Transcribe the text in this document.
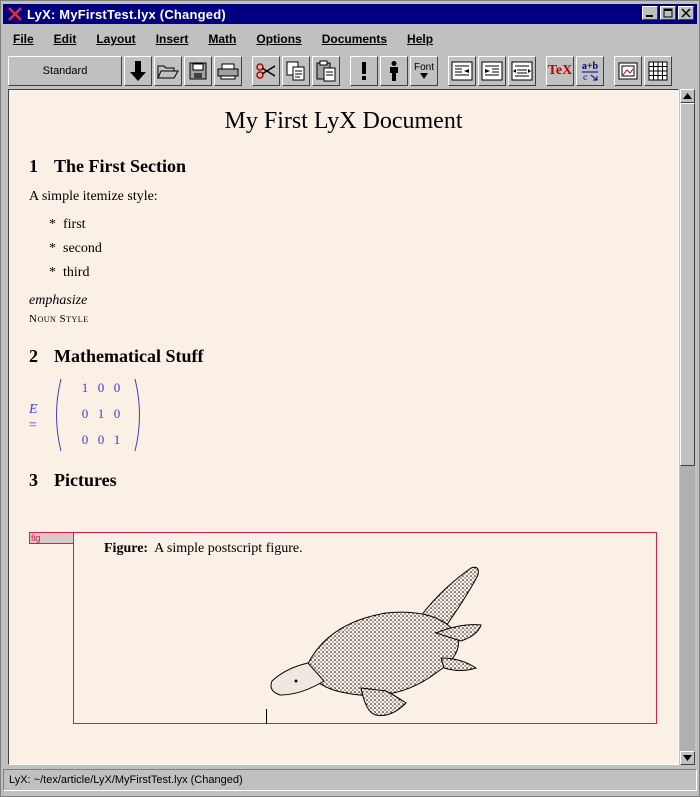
LyX: MyFirstTest.lyx (Changed)
File	Edit	Layout	Insert	Math	Options	Documents	Help
Standard	Font	TeX a+b
c
My First LyX Document
1 The First Section
A simple itemize style:
* first
* second
* third
emphasize
Noun Style
2 Mathematical Stuff
E =
1 0 0
0 1 0
0 0 1
3 Pictures
fig
Figure: A simple postscript figure.
LyX: ~/tex/article/LyX/MyFirstTest.lyx (Changed)
